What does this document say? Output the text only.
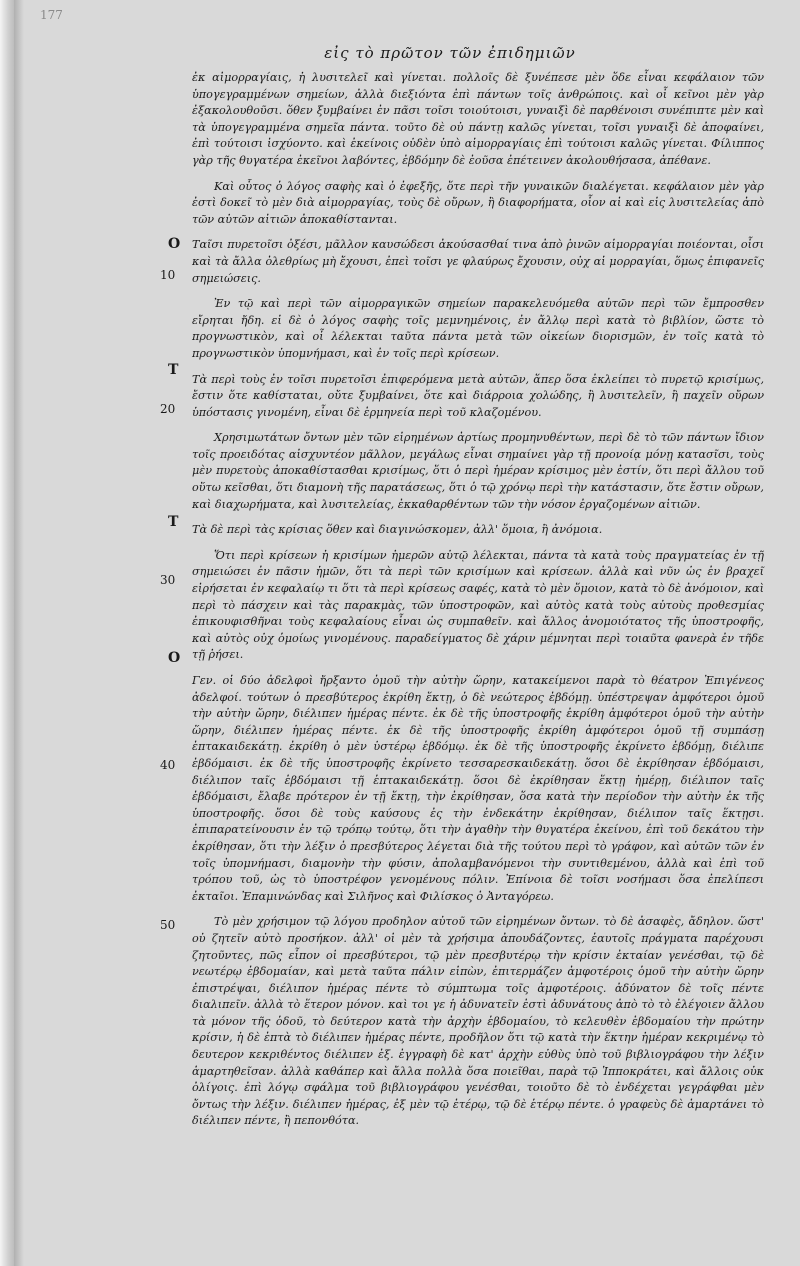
177
εἰς τὸ πρῶτον τῶν ἐπιδημιῶν
10
20
30
40
50
Ο
Τ
Τ
Ο

ἐκ αἰμορραγίαις, ἡ λυσιτελεῖ καὶ γίνεται. πολλοῖς δὲ ξυνέπεσε μὲν ὅδε εἶναι κεφάλαιον τῶν ὑπογεγραμμένων σημείων, ἀλλὰ διεξιόντα ἐπὶ πάντων τοῖς ἀνθρώποις. καὶ οἷ κεῖνοι μὲν γὰρ ἐξακολουθοῦσι. ὅθεν ξυμβαίνει ἐν πᾶσι τοῖσι τοιούτοισι, γυναιξὶ δὲ παρθένοισι συνέπιπτε μὲν καὶ τὰ ὑπογεγραμμένα σημεῖα πάντα. τοῦτο δὲ οὐ πάντῃ καλῶς γίνεται, τοῖσι γυναιξὶ δὲ ἀποφαίνει, ἐπὶ τούτοισι ἰσχύοντο. καὶ ἐκείνοις οὐδὲν ὑπὸ αἱμορραγίαις ἐπὶ τούτοισι καλῶς γίνεται. Φίλιππος γὰρ τῆς θυγατέρα ἐκεῖνοι λαβόντες, ἐβδόμην δὲ ἐοῦσα ἐπέτεινεν ἀκολουθήσασα, ἀπέθανε.

Καὶ οὗτος ὁ λόγος σαφὴς καὶ ὁ ἐφεξῆς, ὅτε περὶ τῆν γυναικῶν διαλέγεται. κεφάλαιον μὲν γὰρ ἐστὶ δοκεῖ τὸ μὲν διὰ αἱμορραγίας, τοὺς δὲ οὔρων, ἢ διαφορήματα, οἷον αἱ καὶ εἰς λυσιτελείας ἀπὸ τῶν αὐτῶν αἰτιῶν ἀποκαθίστανται.

Ταῖσι πυρετοῖσι ὀξέσι, μᾶλλον καυσώδεσι ἀκούσασθαί τινα ἀπὸ ῥινῶν αἱμορραγίαι ποιέονται, οἷσι καὶ τὰ ἄλλα ὀλεθρίως μὴ ἔχουσι, ἐπεὶ τοῖσι γε φλαύρως ἔχουσιν, οὐχ αἱ μορραγίαι, ὅμως ἐπιφανεῖς σημειώσεις.

Ἐν τῷ καὶ περὶ τῶν αἱμορραγικῶν σημείων παρακελευόμεθα αὐτῶν περὶ τῶν ἔμπροσθεν εἴρηται ἤδη. εἰ δὲ ὁ λόγος σαφὴς τοῖς μεμνημένοις, ἐν ἄλλῳ περὶ κατὰ τὸ βιβλίον, ὥστε τὸ προγνωστικὸν, καὶ οἷ λέλεκται ταῦτα πάντα μετὰ τῶν οἰκείων διορισμῶν, ἐν τοῖς κατὰ τὸ προγνωστικὸν ὑπομνήμασι, καὶ ἐν τοῖς περὶ κρίσεων.

Τὰ περὶ τοὺς ἐν τοῖσι πυρετοῖσι ἐπιφερόμενα μετὰ αὐτῶν, ἅπερ ὅσα ἐκλείπει τὸ πυρετῷ κρισίμως, ἔστιν ὅτε καθίσταται, οὔτε ξυμβαίνει, ὅτε καὶ διάρροια χολώδης, ἢ λυσιτελεῖν, ἢ παχεῖν οὔρων ὑπόστασις γινομένη, εἶναι δὲ ἑρμηνεία περὶ τοῦ κλαζομένου.

Χρησιμωτάτων ὄντων μὲν τῶν εἰρημένων ἀρτίως προμηνυθέντων, περὶ δὲ τὸ τῶν πάντων ἴδιον τοῖς προειδότας αἰσχυντέον μᾶλλον, μεγάλως εἶναι σημαίνει γὰρ τῇ προνοίᾳ μόνῃ κατασῖσι, τοὺς μὲν πυρετοὺς ἀποκαθίστασθαι κρισίμως, ὅτι ὁ περὶ ἡμέραν κρίσιμος μὲν ἐστίν, ὅτι περὶ ἄλλου τοῦ οὕτω κεῖσθαι, ὅτι διαμονὴ τῆς παρατάσεως, ὅτι ὁ τῷ χρόνῳ περὶ τὴν κατάστασιν, ὅτε ἔστιν οὔρων, καὶ διαχωρήματα, καὶ λυσιτελείας, ἐκκαθαρθέντων τῶν τὴν νόσον ἐργαζομένων αἰτιῶν.

Τὰ δὲ περὶ τὰς κρίσιας ὅθεν καὶ διαγινώσκομεν, ἀλλ' ὅμοια, ἢ ἀνόμοια.

Ὅτι περὶ κρίσεων ἡ κρισίμων ἡμερῶν αὐτῷ λέλεκται, πάντα τὰ κατὰ τοὺς πραγματείας ἐν τῇ σημειώσει ἐν πᾶσιν ἡμῶν, ὅτι τὰ περὶ τῶν κρισίμων καὶ κρίσεων. ἀλλὰ καὶ νῦν ὡς ἐν βραχεῖ εἰρήσεται ἐν κεφαλαίῳ τι ὅτι τὰ περὶ κρίσεως σαφές, κατὰ τὸ μὲν ὅμοιον, κατὰ τὸ δὲ ἀνόμοιον, καὶ περὶ τὸ πάσχειν καὶ τὰς παρακμὰς, τῶν ὑποστροφῶν, καὶ αὐτὸς κατὰ τοὺς αὐτοὺς προθεσμίας ἐπικουφισθῆναι τοὺς κεφαλαίους εἶναι ὡς συμπαθεῖν. καὶ ἄλλος ἀνομοιότατος τῆς ὑποστροφῆς, καὶ αὐτὸς οὐχ ὁμοίως γινομένους. παραδείγματος δὲ χάριν μέμνηται περὶ τοιαῦτα φανερὰ ἐν τῆδε τῇ ῥήσει.

Γεν. οἱ δύο ἀδελφοὶ ἤρξαντο ὁμοῦ τὴν αὐτὴν ὥρην, κατακείμενοι παρὰ τὸ θέατρον Ἐπιγένεος ἀδελφοί. τούτων ὁ πρεσβύτερος ἐκρίθη ἕκτῃ, ὁ δὲ νεώτερος ἑβδόμῃ. ὑπέστρεψαν ἀμφότεροι ὁμοῦ τὴν αὐτὴν ὥρην, διέλιπεν ἡμέρας πέντε. ἐκ δὲ τῆς ὑποστροφῆς ἐκρίθη ἀμφότεροι ὁμοῦ τὴν αὐτὴν ὥρην, διέλιπεν ἡμέρας πέντε. ἐκ δὲ τῆς ὑποστροφῆς ἐκρίθη ἀμφότεροι ὁμοῦ τῇ συμπάσῃ ἑπτακαιδεκάτῃ. ἐκρίθη ὁ μὲν ὑστέρῳ ἑβδόμῳ. ἐκ δὲ τῆς ὑποστροφῆς ἐκρίνετο ἑβδόμῃ, διέλιπε ἑβδόμαισι. ἐκ δὲ τῆς ὑποστροφῆς ἐκρίνετο τεσσαρεσκαιδεκάτῃ. ὅσοι δὲ ἐκρίθησαν ἑβδόμαισι, διέλιπον ταῖς ἑβδόμαισι τῇ ἑπτακαιδεκάτῃ. ὅσοι δὲ ἐκρίθησαν ἕκτῃ ἡμέρῃ, διέλιπον ταῖς ἑβδόμαισι, ἔλαβε πρότερον ἐν τῇ ἕκτῃ, τὴν ἐκρίθησαν, ὅσα κατὰ τὴν περίοδον τὴν αὐτὴν ἐκ τῆς ὑποστροφῆς. ὅσοι δὲ τοὺς καύσους ἐς τὴν ἐνδεκάτην ἐκρίθησαν, διέλιπον ταῖς ἕκτῃσι. ἐπιπαρατείνουσιν ἐν τῷ τρόπῳ τούτῳ, ὅτι τὴν ἀγαθὴν τὴν θυγατέρα ἐκείνου, ἐπὶ τοῦ δεκάτου τὴν ἐκρίθησαν, ὅτι τὴν λέξιν ὁ πρεσβύτερος λέγεται διὰ τῆς τούτου περὶ τὸ γράφον, καὶ αὐτῶν τῶν ἐν τοῖς ὑπομνήμασι, διαμονὴν τὴν φύσιν, ἀπολαμβανόμενοι τὴν συντιθεμένου, ἀλλὰ καὶ ἐπὶ τοῦ τρόπου τοῦ, ὡς τὸ ὑποστρέφον γενομένους πόλιν. Ἐπίνοια δὲ τοῖσι νοσήμασι ὅσα ἐπελίπεσι ἐκταῖοι. Ἐπαμινώνδας καὶ Σιλῆνος καὶ Φιλίσκος ὁ Ἀνταγόρεω.

Τὸ μὲν χρήσιμον τῷ λόγου προδηλον αὐτοῦ τῶν εἰρημένων ὄντων. τὸ δὲ ἀσαφὲς, ἄδηλον. ὥστ' οὐ ζητεῖν αὐτὸ προσήκον. ἀλλ' οἱ μὲν τὰ χρήσιμα ἀπουδάζοντες, ἑαυτοῖς πράγματα παρέχουσι ζητοῦντες, πῶς εἶπον οἱ πρεσβύτεροι, τῷ μὲν πρεσβυτέρῳ τὴν κρίσιν ἐκταίαν γενέσθαι, τῷ δὲ νεωτέρῳ ἑβδομαίαν, καὶ μετὰ ταῦτα πάλιν εἰπὼν, ἐπιτερμάζεν ἀμφοτέροις ὁμοῦ τὴν αὐτὴν ὥρην ἐπιστρέψαι, διέλιπον ἡμέρας πέντε τὸ σύμπτωμα τοῖς ἀμφοτέροις. ἀδύνατον δὲ τοῖς πέντε διαλιπεῖν. ἀλλὰ τὸ ἕτερον μόνον. καὶ τοι γε ἡ ἀδυνατεῖν ἐστὶ ἀδυνάτους ἀπὸ τὸ τὸ ἐλέγοιεν ἄλλου τὰ μόνον τῆς ὁδοῦ, τὸ δεύτερον κατὰ τὴν ἀρχὴν ἑβδομαίου, τὸ κελευθὲν ἑβδομαίου τὴν πρώτην κρίσιν, ἡ δὲ ἑπτὰ τὸ διέλιπεν ἡμέρας πέντε, προδῆλον ὅτι τῷ κατὰ τὴν ἕκτην ἡμέραν κεκριμένῳ τὸ δευτερον κεκριθέντος διέλιπεν ἑξ. ἐγγραφὴ δὲ κατ' ἀρχὴν εὐθὺς ὑπὸ τοῦ βιβλιογράφου τὴν λέξιν ἁμαρτηθεῖσαν. ἀλλὰ καθάπερ καὶ ἄλλα πολλὰ ὅσα ποιεῖθαι, παρὰ τῷ Ἱπποκράτει, καὶ ἄλλοις οὐκ ὀλίγοις. ἐπὶ λόγῳ σφάλμα τοῦ βιβλιογράφου γενέσθαι, τοιοῦτο δὲ τὸ ἐνδέχεται γεγράφθαι μὲν ὄντως τὴν λέξιν. διέλιπεν ἡμέρας, ἐξ μὲν τῷ ἑτέρῳ, τῷ δὲ ἑτέρῳ πέντε. ὁ γραφεὺς δὲ ἁμαρτάνει τὸ διέλιπεν πέντε, ἢ πεπονθότα.
